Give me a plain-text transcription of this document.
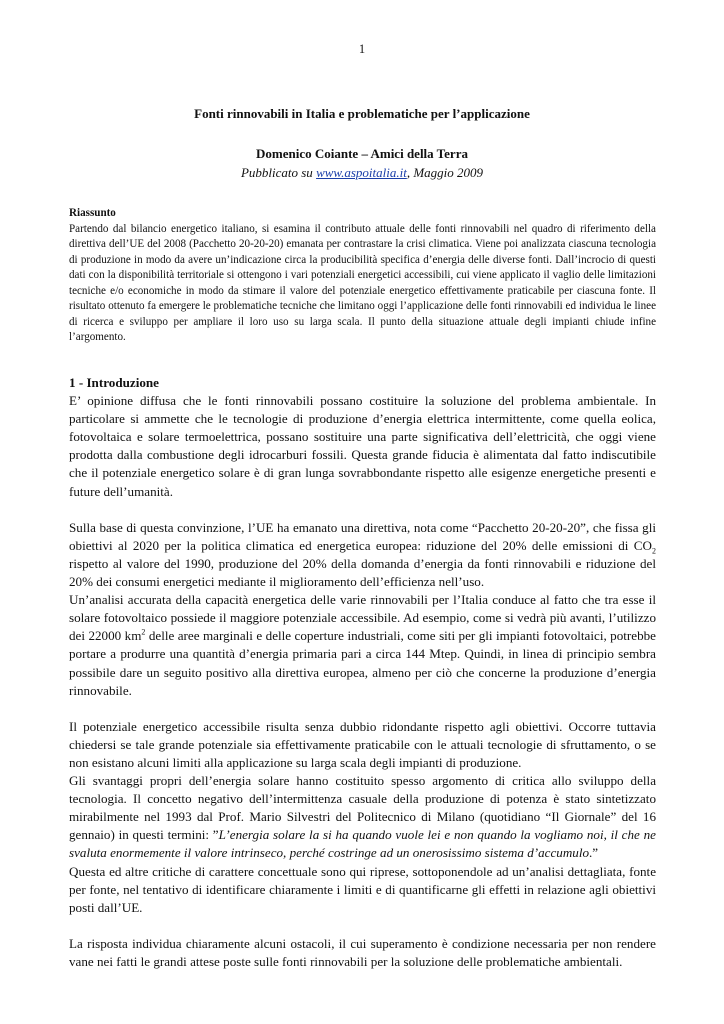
1

Fonti rinnovabili in Italia e problematiche per l’applicazione

Domenico Coiante – Amici della Terra

Pubblicato su www.aspoitalia.it, Maggio 2009

Riassunto

Partendo dal bilancio energetico italiano, si esamina il contributo attuale delle fonti rinnovabili nel quadro di riferimento della direttiva dell’UE del 2008 (Pacchetto 20-20-20) emanata per contrastare la crisi climatica. Viene poi analizzata ciascuna tecnologia di produzione in modo da avere un’indicazione circa la producibilità specifica d’energia delle diverse fonti. Dall’incrocio di questi dati con la disponibilità territoriale si ottengono i vari potenziali energetici accessibili, cui viene applicato il vaglio delle limitazioni tecniche e/o economiche in modo da stimare il valore del potenziale energetico effettivamente praticabile per ciascuna fonte. Il risultato ottenuto fa emergere le problematiche tecniche che limitano oggi l’applicazione delle fonti rinnovabili ed individua le linee di ricerca e sviluppo per ampliare il loro uso su larga scala. Il punto della situazione attuale degli impianti chiude infine l’argomento.

1 - Introduzione

E’ opinione diffusa che le fonti rinnovabili possano costituire la soluzione del problema ambientale. In particolare si ammette che le tecnologie di produzione d’energia elettrica intermittente, come quella eolica, fotovoltaica e solare termoelettrica, possano sostituire una parte significativa dell’elettricità, che oggi viene prodotta dalla combustione degli idrocarburi fossili. Questa grande fiducia è alimentata dal fatto indiscutibile che il potenziale energetico solare è di gran lunga sovrabbondante rispetto alle esigenze energetiche presenti e future dell’umanità.

Sulla base di questa convinzione, l’UE ha emanato una direttiva, nota come “Pacchetto 20-20-20”, che fissa gli obiettivi al 2020 per la politica climatica ed energetica europea: riduzione del 20% delle emissioni di $CO_2$ rispetto al valore del 1990, produzione del 20% della domanda d’energia da fonti rinnovabili e riduzione del 20% dei consumi energetici mediante il miglioramento dell’efficienza nell’uso.

Un’analisi accurata della capacità energetica delle varie rinnovabili per l’Italia conduce al fatto che tra esse il solare fotovoltaico possiede il maggiore potenziale accessibile. Ad esempio, come si vedrà più avanti, l’utilizzo dei 22000 $km^2$ delle aree marginali e delle coperture industriali, come siti per gli impianti fotovoltaici, potrebbe portare a produrre una quantità d’energia primaria pari a circa 144 Mtep. Quindi, in linea di principio sembra possibile dare un seguito positivo alla direttiva europea, almeno per ciò che concerne la produzione d’energia rinnovabile.

Il potenziale energetico accessibile risulta senza dubbio ridondante rispetto agli obiettivi. Occorre tuttavia chiedersi se tale grande potenziale sia effettivamente praticabile con le attuali tecnologie di sfruttamento, o se non esistano alcuni limiti alla applicazione su larga scala degli impianti di produzione.

Gli svantaggi propri dell’energia solare hanno costituito spesso argomento di critica allo sviluppo della tecnologia. Il concetto negativo dell’intermittenza casuale della produzione di potenza è stato sintetizzato mirabilmente nel 1993 dal Prof. Mario Silvestri del Politecnico di Milano (quotidiano “Il Giornale” del 16 gennaio) in questi termini: ”L’energia solare la si ha quando vuole lei e non quando la vogliamo noi, il che ne svaluta enormemente il valore intrinseco, perché costringe ad un onerosissimo sistema d’accumulo.”

Questa ed altre critiche di carattere concettuale sono qui riprese, sottoponendole ad un’analisi dettagliata, fonte per fonte, nel tentativo di identificare chiaramente i limiti e di quantificarne gli effetti in relazione agli obiettivi posti dall’UE.

La risposta individua chiaramente alcuni ostacoli, il cui superamento è condizione necessaria per non rendere vane nei fatti le grandi attese poste sulle fonti rinnovabili per la soluzione delle problematiche ambientali.
